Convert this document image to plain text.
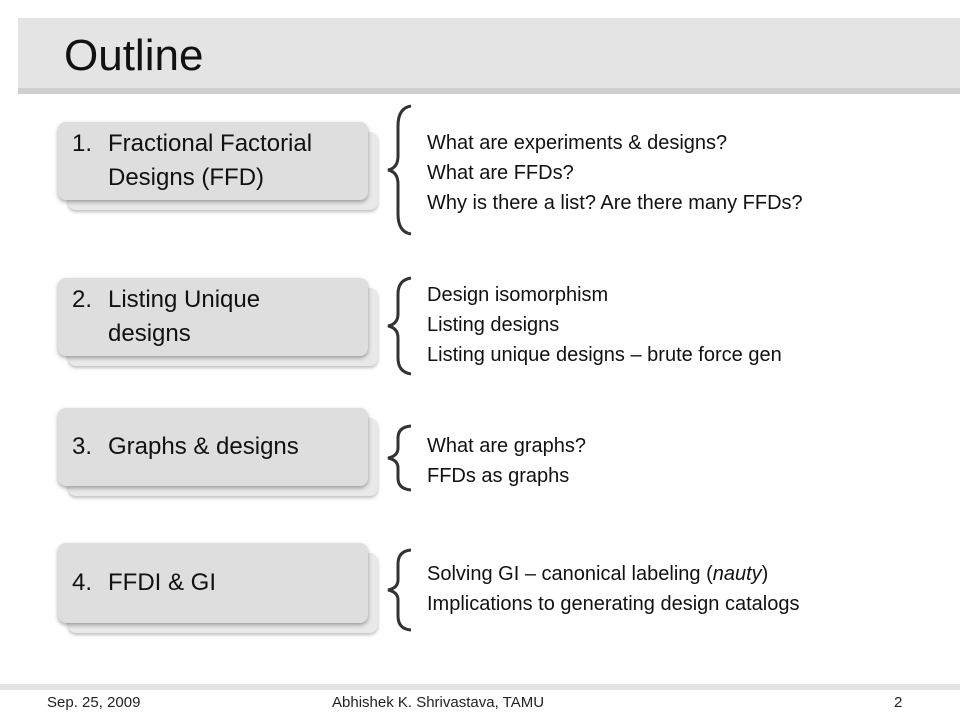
Outline
1. Fractional Factorial Designs (FFD)
What are experiments & designs?
What are FFDs?
Why is there a list? Are there many FFDs?
2. Listing Unique designs
Design isomorphism
Listing designs
Listing unique designs – brute force gen
3. Graphs & designs	What are graphs?
FFDs as graphs
4. FFDI & GI	Solving GI – canonical labeling (nauty)
Implications to generating design catalogs
Sep. 25, 2009	Abhishek K. Shrivastava, TAMU	2
